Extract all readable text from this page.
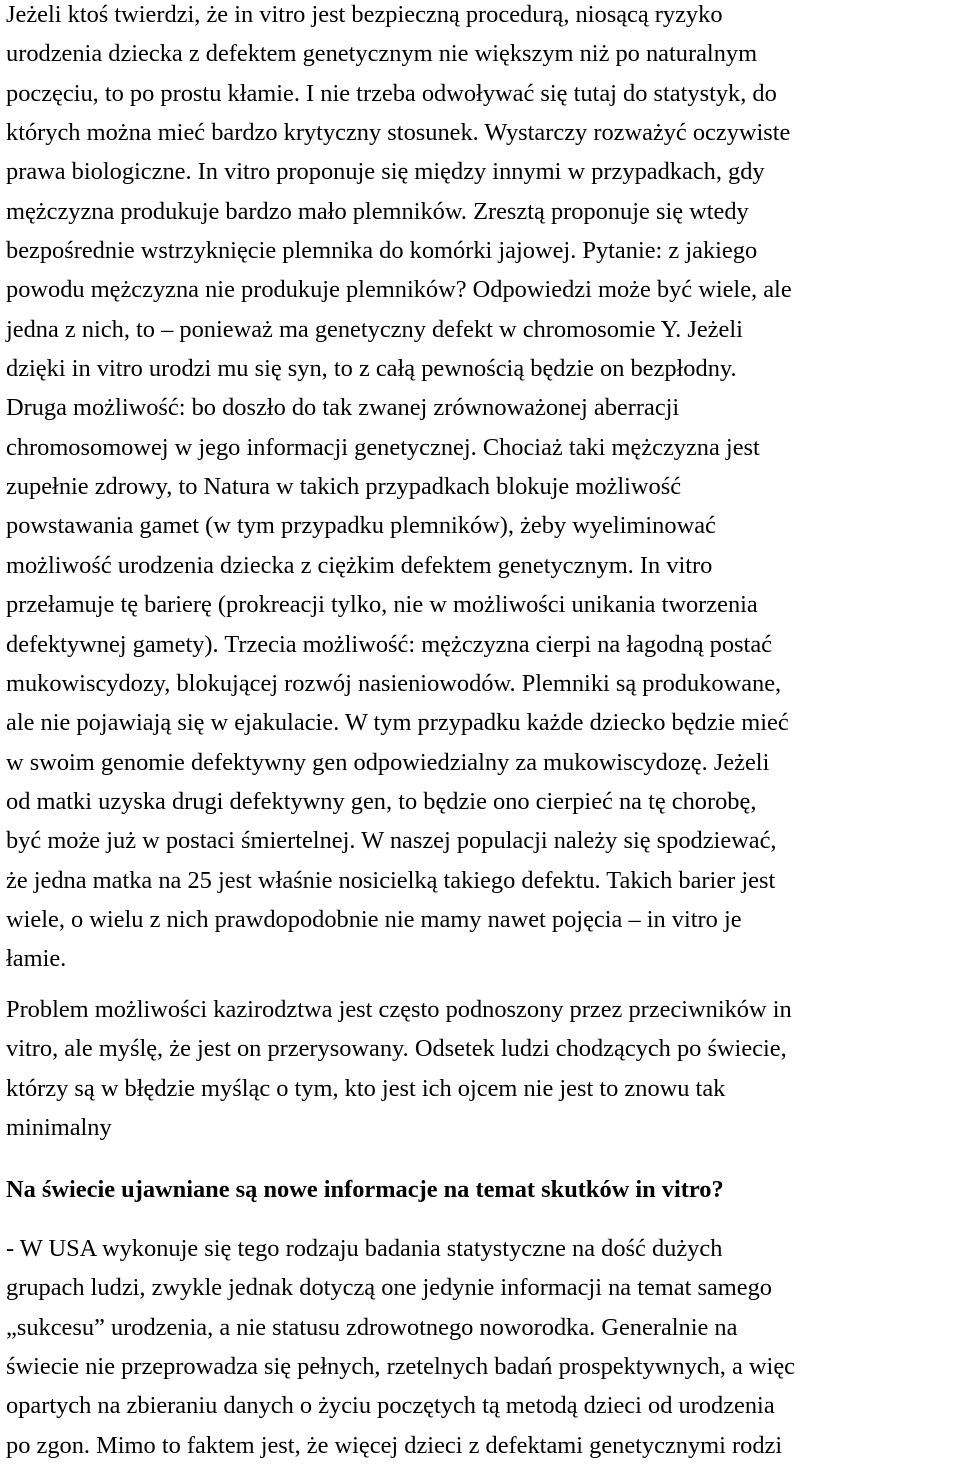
Jeżeli ktoś twierdzi, że in vitro jest bezpieczną procedurą, niosącą ryzyko
urodzenia dziecka z defektem genetycznym nie większym niż po naturalnym
poczęciu, to po prostu kłamie. I nie trzeba odwoływać się tutaj do statystyk, do
których można mieć bardzo krytyczny stosunek. Wystarczy rozważyć oczywiste
prawa biologiczne. In vitro proponuje się między innymi w przypadkach, gdy
mężczyzna produkuje bardzo mało plemników. Zresztą proponuje się wtedy
bezpośrednie wstrzyknięcie plemnika do komórki jajowej. Pytanie: z jakiego
powodu mężczyzna nie produkuje plemników? Odpowiedzi może być wiele, ale
jedna z nich, to – ponieważ ma genetyczny defekt w chromosomie Y. Jeżeli
dzięki in vitro urodzi mu się syn, to z całą pewnością będzie on bezpłodny.
Druga możliwość: bo doszło do tak zwanej zrównoważonej aberracji
chromosomowej w jego informacji genetycznej. Chociaż taki mężczyzna jest
zupełnie zdrowy, to Natura w takich przypadkach blokuje możliwość
powstawania gamet (w tym przypadku plemników), żeby wyeliminować
możliwość urodzenia dziecka z ciężkim defektem genetycznym. In vitro
przełamuje tę barierę (prokreacji tylko, nie w możliwości unikania tworzenia
defektywnej gamety). Trzecia możliwość: mężczyzna cierpi na łagodną postać
mukowiscydozy, blokującej rozwój nasieniowodów. Plemniki są produkowane,
ale nie pojawiają się w ejakulacie. W tym przypadku każde dziecko będzie mieć
w swoim genomie defektywny gen odpowiedzialny za mukowiscydozę. Jeżeli
od matki uzyska drugi defektywny gen, to będzie ono cierpieć na tę chorobę,
być może już w postaci śmiertelnej. W naszej populacji należy się spodziewać,
że jedna matka na 25 jest właśnie nosicielką takiego defektu. Takich barier jest
wiele, o wielu z nich prawdopodobnie nie mamy nawet pojęcia – in vitro je
łamie.

Problem możliwości kazirodztwa jest często podnoszony przez przeciwników in
vitro, ale myślę, że jest on przerysowany. Odsetek ludzi chodzących po świecie,
którzy są w błędzie myśląc o tym, kto jest ich ojcem nie jest to znowu tak
minimalny

Na świecie ujawniane są nowe informacje na temat skutków in vitro?

- W USA wykonuje się tego rodzaju badania statystyczne na dość dużych
grupach ludzi, zwykle jednak dotyczą one jedynie informacji na temat samego
„sukcesu” urodzenia, a nie statusu zdrowotnego noworodka. Generalnie na
świecie nie przeprowadza się pełnych, rzetelnych badań prospektywnych, a więc
opartych na zbieraniu danych o życiu poczętych tą metodą dzieci od urodzenia
po zgon. Mimo to faktem jest, że więcej dzieci z defektami genetycznymi rodzi
